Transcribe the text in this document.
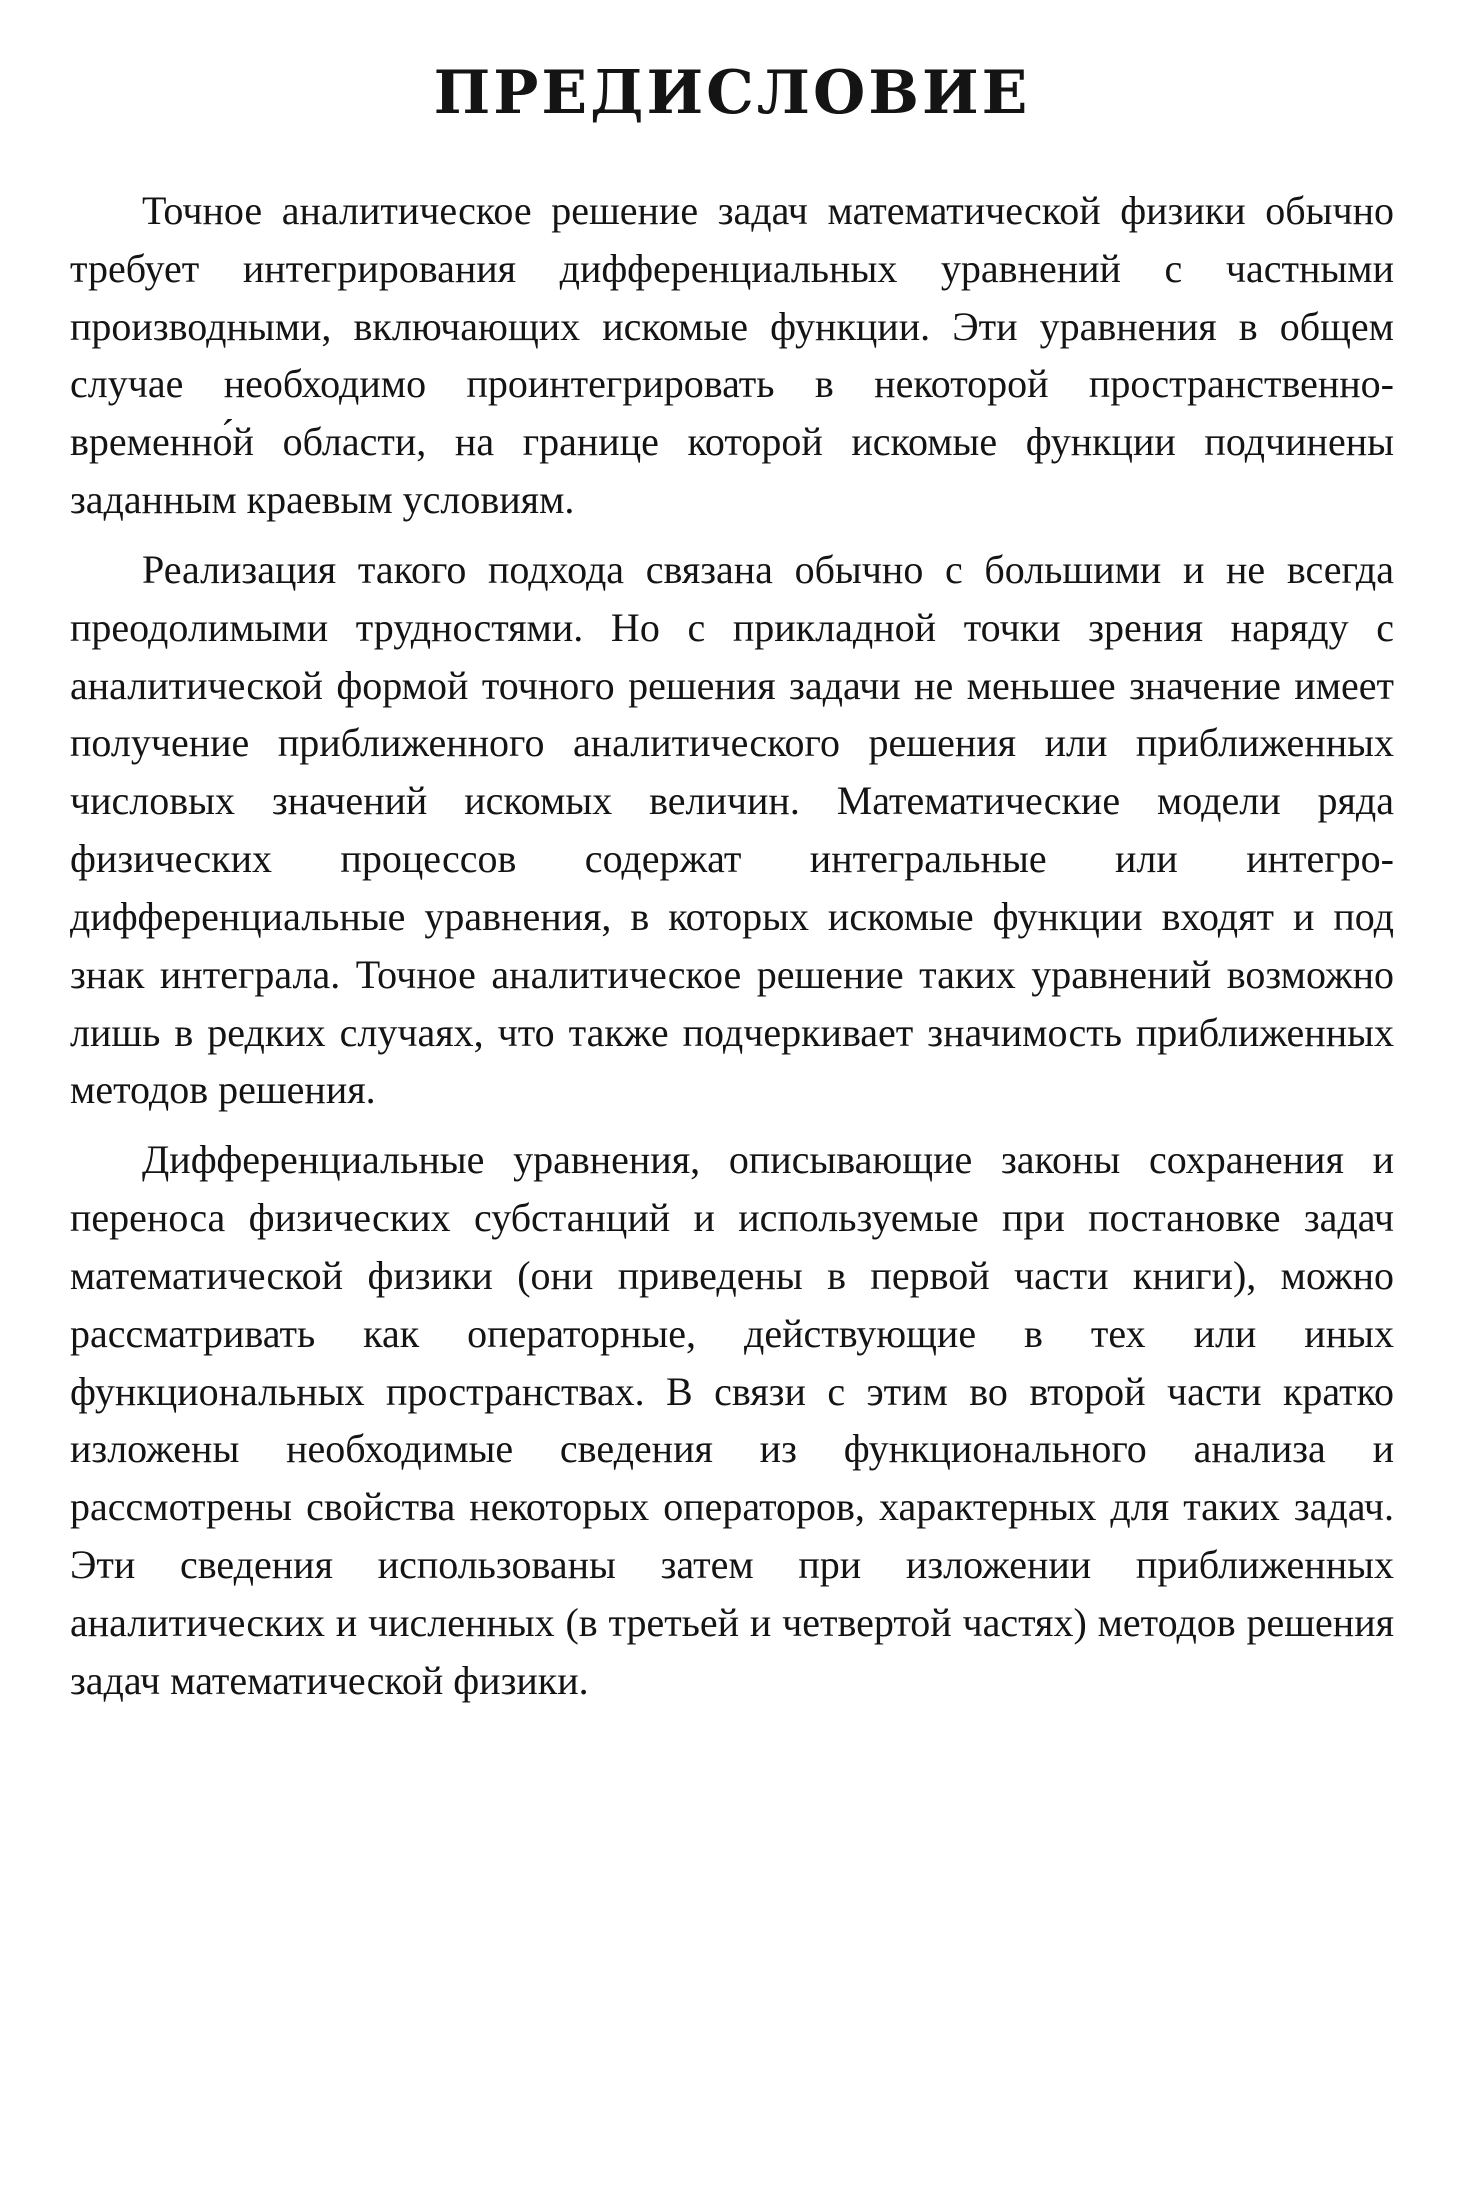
ПРЕДИСЛОВИЕ

Точное аналитическое решение задач математической физики обычно требует интегрирования дифференциальных уравнений с частными производными, включающих искомые функции. Эти уравнения в общем случае необходимо проинтегрировать в некоторой пространственно-временно́й области, на границе которой искомые функции подчинены заданным краевым условиям.

Реализация такого подхода связана обычно с большими и не всегда преодолимыми трудностями. Но с прикладной точки зрения наряду с аналитической формой точного решения задачи не меньшее значение имеет получение приближенного аналитического решения или приближенных числовых значений искомых величин. Математические модели ряда физических процессов содержат интегральные или интегро-дифференциальные уравнения, в которых искомые функции входят и под знак интеграла. Точное аналитическое решение таких уравнений возможно лишь в редких случаях, что также подчеркивает значимость приближенных методов решения.

Дифференциальные уравнения, описывающие законы сохранения и переноса физических субстанций и используемые при постановке задач математической физики (они приведены в первой части книги), можно рассматривать как операторные, действующие в тех или иных функциональных пространствах. В связи с этим во второй части кратко изложены необходимые сведения из функционального анализа и рассмотрены свойства некоторых операторов, характерных для таких задач. Эти сведения использованы затем при изложении приближенных аналитических и численных (в третьей и четвертой частях) методов решения задач математической физики.
